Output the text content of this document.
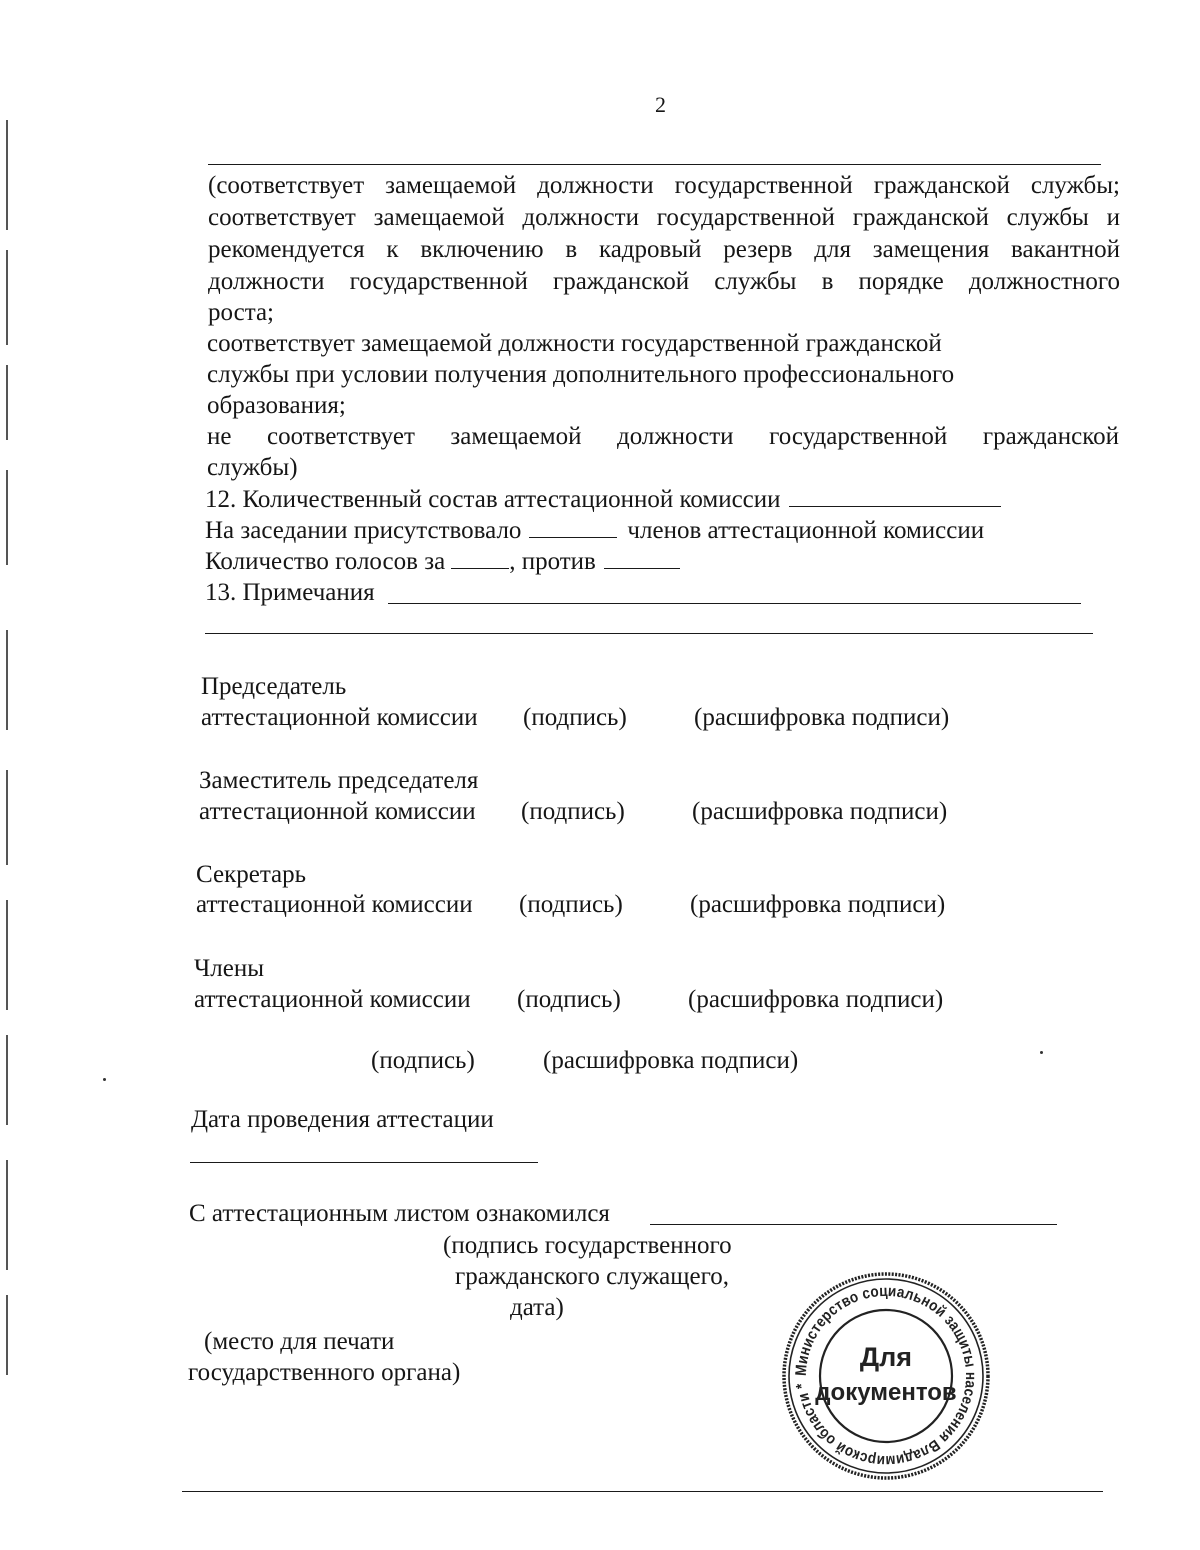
2
(соответствует замещаемой должности государственной гражданской службы;
соответствует замещаемой должности государственной гражданской службы и
рекомендуется к включению в кадровый резерв для замещения вакантной
должности государственной гражданской службы в порядке должностного
роста;
соответствует замещаемой должности государственной гражданской
службы при условии получения дополнительного профессионального
образования;
не соответствует замещаемой должности государственной гражданской
службы)
12. Количественный состав аттестационной комиссии
На заседании присутствовало	членов аттестационной комиссии
Количество голосов за	, против
13. Примечания
Председатель
аттестационной комиссии (подпись)	(расшифровка подписи)
Заместитель председателя
аттестационной комиссии (подпись)	(расшифровка подписи)
Секретарь
аттестационной комиссии (подпись)	(расшифровка подписи)
Члены
аттестационной комиссии (подпись)	(расшифровка подписи)
(подпись)	(расшифровка подписи)
Дата проведения аттестации
С аттестационным листом ознакомился
(подпись государственного
гражданского служащего,
дата)
(место для печати
государственного органа)	Министерство социальной защиты населения Владимирской области *
Для
документов
